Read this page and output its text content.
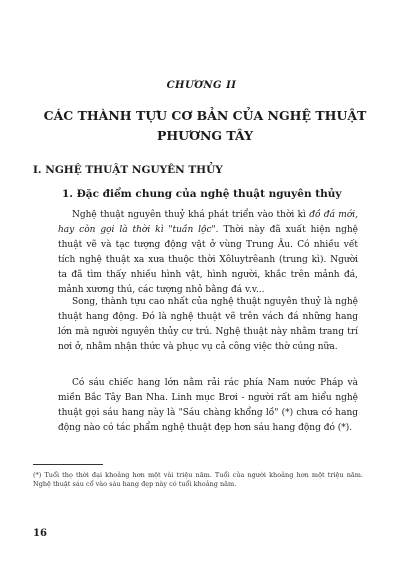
CHƯƠNG II
CÁC THÀNH TỰU CƠ BẢN CỦA NGHỆ THUẬT PHƯƠNG TÂY
I. NGHỆ THUẬT NGUYÊN THỦY
1. Đặc điểm chung của nghệ thuật nguyên thủy

Nghệ thuật nguyên thuỷ khá phát triển vào thời kì đồ đá mới, hay còn gọi là thời kì "tuần lộc". Thời này đã xuất hiện nghệ thuật vẽ và tạc tượng động vật ở vùng Trung Âu. Có nhiều vết tích nghệ thuật xa xưa thuộc thời Xôluytrêanh (trung kì). Người ta đã tìm thấy nhiều hình vật, hình người, khắc trên mảnh đá, mảnh xương thú, các tượng nhỏ bằng đá v.v...

Song, thành tựu cao nhất của nghệ thuật nguyên thuỷ là nghệ thuật hang động. Đó là nghệ thuật vẽ trên vách đá những hang lớn mà người nguyên thủy cư trú. Nghệ thuật này nhằm trang trí nơi ở, nhằm nhận thức và phục vụ cả công việc thờ cúng nữa.

Có sáu chiếc hang lớn nằm rải rác phía Nam nước Pháp và miền Bắc Tây Ban Nha. Linh mục Brơi - người rất am hiểu nghệ thuật gọi sáu hang này là "Sáu chàng khổng lồ" (*) chưa có hang động nào có tác phẩm nghệ thuật đẹp hơn sáu hang động đó (*).

(*) Tuổi thọ thời đại khoảng hơn một vài triệu năm. Tuổi của người khoảng hơn một triệu năm. Nghệ thuật sáu cổ vào sáu hang đẹp này có tuổi khoảng năm.
16
